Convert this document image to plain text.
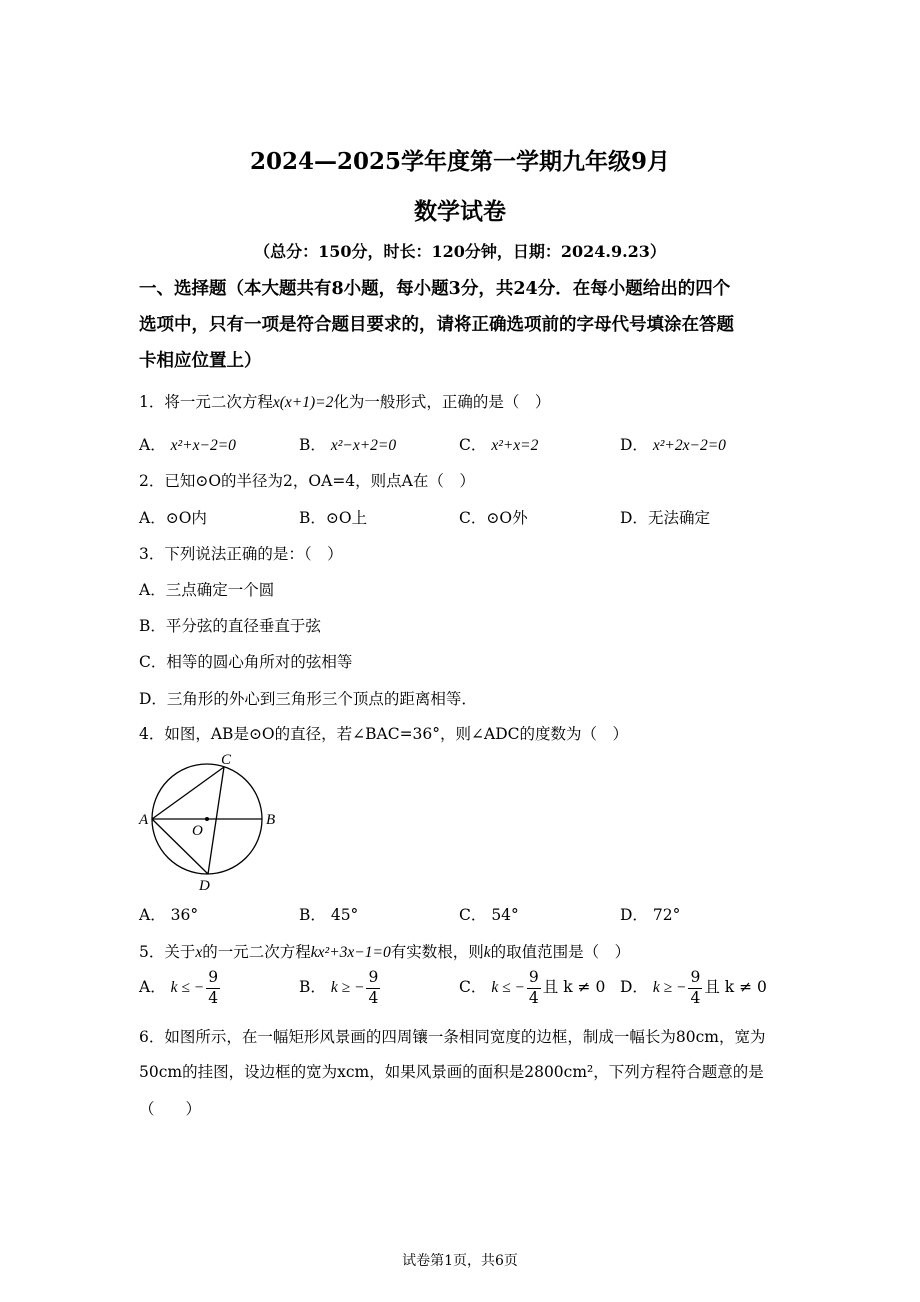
2024—2025学年度第一学期九年级9月
数学试卷
（总分：150分，时长：120分钟，日期：2024.9.23）
一、选择题（本大题共有8小题，每小题3分，共24分．在每小题给出的四个
选项中，只有一项是符合题目要求的，请将正确选项前的字母代号填涂在答题
卡相应位置上）
1．将一元二次方程x(x+1)=2化为一般形式，正确的是（　）
A． x²+x−2=0	B． x²−x+2=0	C． x²+x=2	D． x²+2x−2=0
2．已知⊙O的半径为2，OA=4，则点A在（　）
A．⊙O内	B．⊙O上	C．⊙O外	D．无法确定
3．下列说法正确的是：（　）
A．三点确定一个圆
B．平分弦的直径垂直于弦
C．相等的圆心角所对的弦相等
D．三角形的外心到三角形三个顶点的距离相等．
4．如图，AB是⊙O的直径，若∠BAC=36°，则∠ADC的度数为（　）
A	B
C
D
O
A． 36°	B． 45°	C． 54°	D． 72°
5．关于x的一元二次方程kx²+3x−1=0有实数根，则k的取值范围是（　）
A． k ≤ − $\frac{9}{4}$	B． k ≥ − $\frac{9}{4}$	C． k ≤ − $\frac{9}{4}$ 且 k ≠ 0 D． k ≥ − $\frac{9}{4}$ 且 k ≠ 0
6．如图所示，在一幅矩形风景画的四周镶一条相同宽度的边框，制成一幅长为80cm，宽为
50cm的挂图，设边框的宽为xcm，如果风景画的面积是2800cm²，下列方程符合题意的是
（　　）
试卷第1页，共6页
